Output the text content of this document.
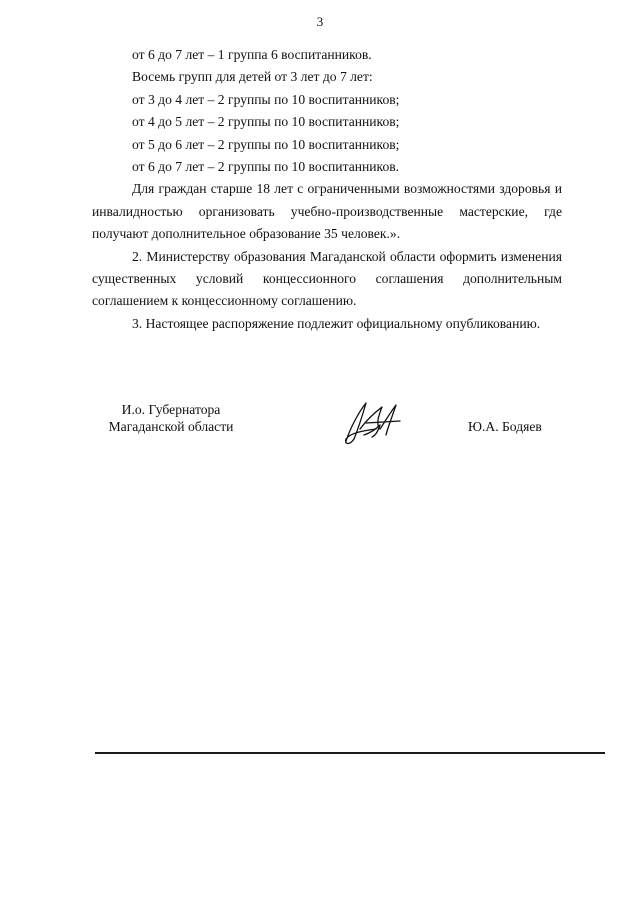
3
от 6 до 7 лет – 1 группа 6 воспитанников.
Восемь групп для детей от 3 лет до 7 лет:
от 3 до 4 лет – 2 группы по 10 воспитанников;
от 4 до 5 лет – 2 группы по 10 воспитанников;
от 5 до 6 лет – 2 группы по 10 воспитанников;
от 6 до 7 лет – 2 группы по 10 воспитанников.

Для граждан старше 18 лет с ограниченными возможностями здоровья и инвалидностью организовать учебно-производственные мастерские, где получают дополнительное образование 35 человек.».

2. Министерству образования Магаданской области оформить изменения существенных условий концессионного соглашения дополнительным соглашением к концессионному соглашению.

3. Настоящее распоряжение подлежит официальному опубликованию.

И.о. Губернатора
Магаданской области	Ю.А. Бодяев
